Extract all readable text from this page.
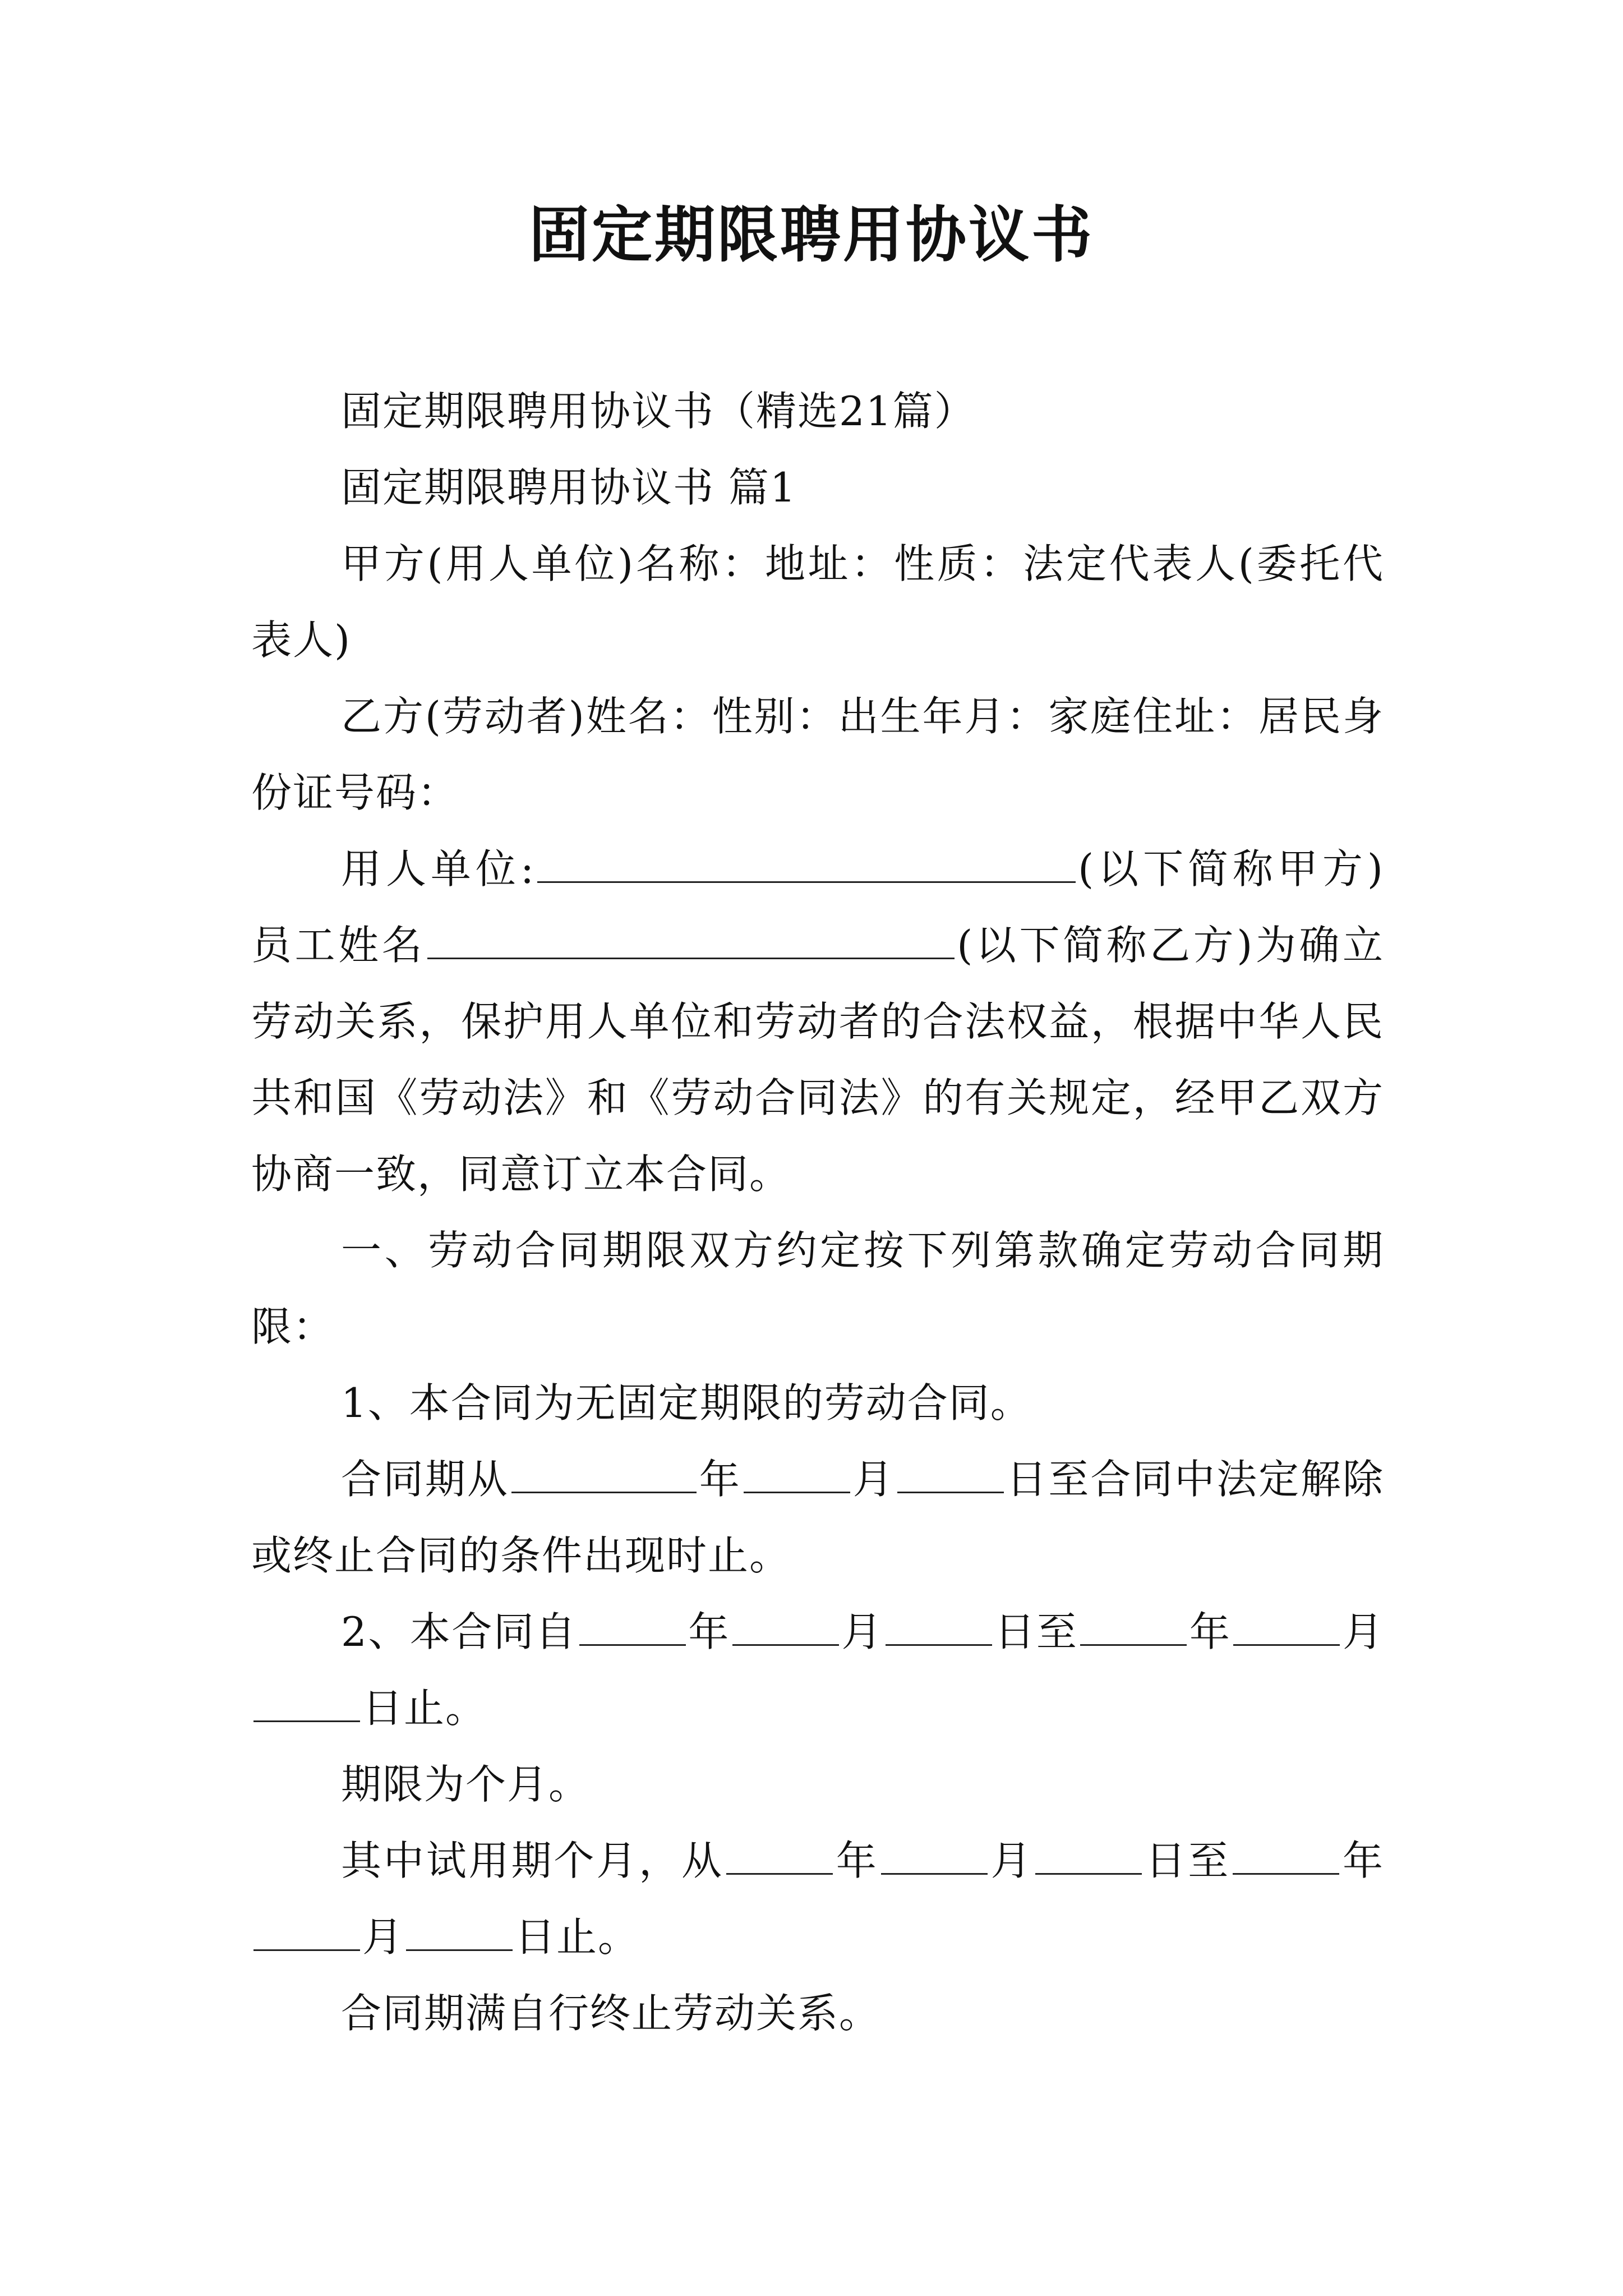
固定期限聘用协议书

固定期限聘用协议书（精选21篇）

固定期限聘用协议书 篇1

甲方(用人单位)名称：地址：性质：法定代表人(委托代表人)

乙方(劳动者)姓名：性别：出生年月：家庭住址：居民身份证号码：

用人单位:	(以下简称甲方)员工姓名	(以下简称乙方)为确立劳动关系，保护用人单位和劳动者的合法权益，根据中华人民共和国《劳动法》和《劳动合同法》的有关规定，经甲乙双方协商一致，同意订立本合同。

一、劳动合同期限双方约定按下列第款确定劳动合同期限：

1、本合同为无固定期限的劳动合同。

合同期从	年	月	日至合同中法定解除或终止合同的条件出现时止。

2、本合同自	年	月	日至	年	月日止。

期限为个月。

其中试用期个月，从	年	月	日至	年月	日止。

合同期满自行终止劳动关系。
